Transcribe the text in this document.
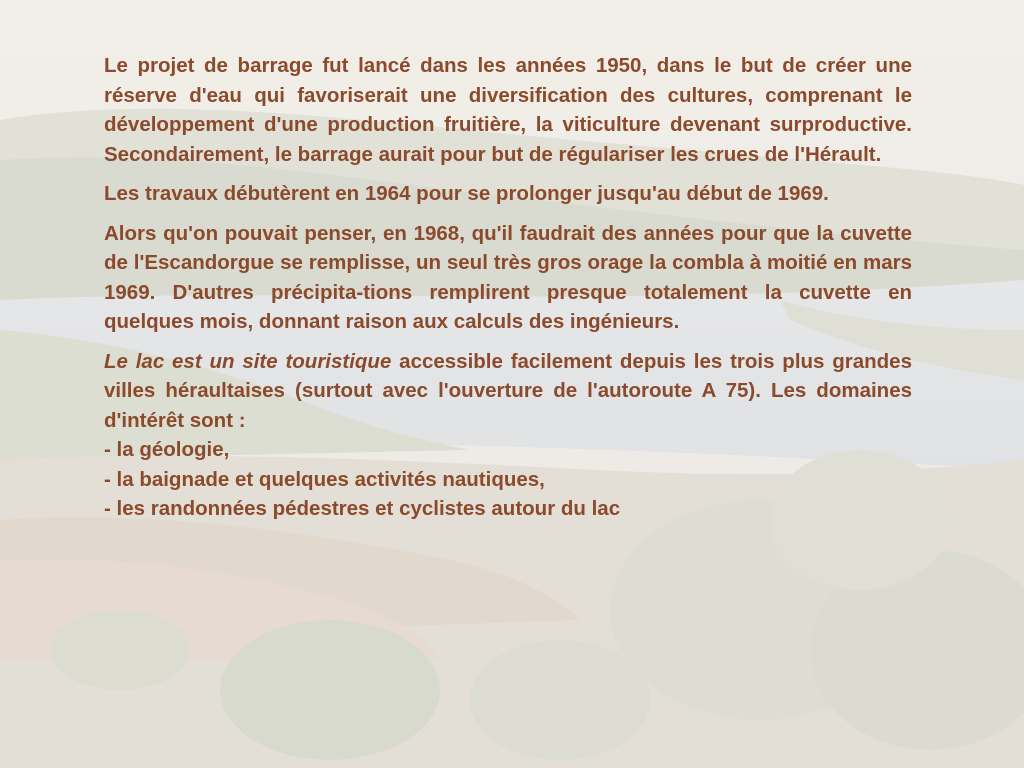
Le projet de barrage fut lancé dans les années 1950, dans le but de créer une réserve d'eau qui favoriserait une diversification des cultures, comprenant le développement d'une production fruitière, la viticulture devenant surproductive. Secondairement, le barrage aurait pour but de régulariser les crues de l'Hérault.

Les travaux débutèrent en 1964 pour se prolonger jusqu'au début de 1969.

Alors qu'on pouvait penser, en 1968, qu'il faudrait des années pour que la cuvette de l'Escandorgue se remplisse, un seul très gros orage la combla à moitié en mars 1969. D'autres précipita-tions remplirent presque totalement la cuvette en quelques mois, donnant raison aux calculs des ingénieurs.

Le lac est un site touristique accessible facilement depuis les trois plus grandes villes héraultaises (surtout avec l'ouverture de l'autoroute A 75). Les domaines d'intérêt sont :

- la géologie,
- la baignade et quelques activités nautiques,
- les randonnées pédestres et cyclistes autour du lac
